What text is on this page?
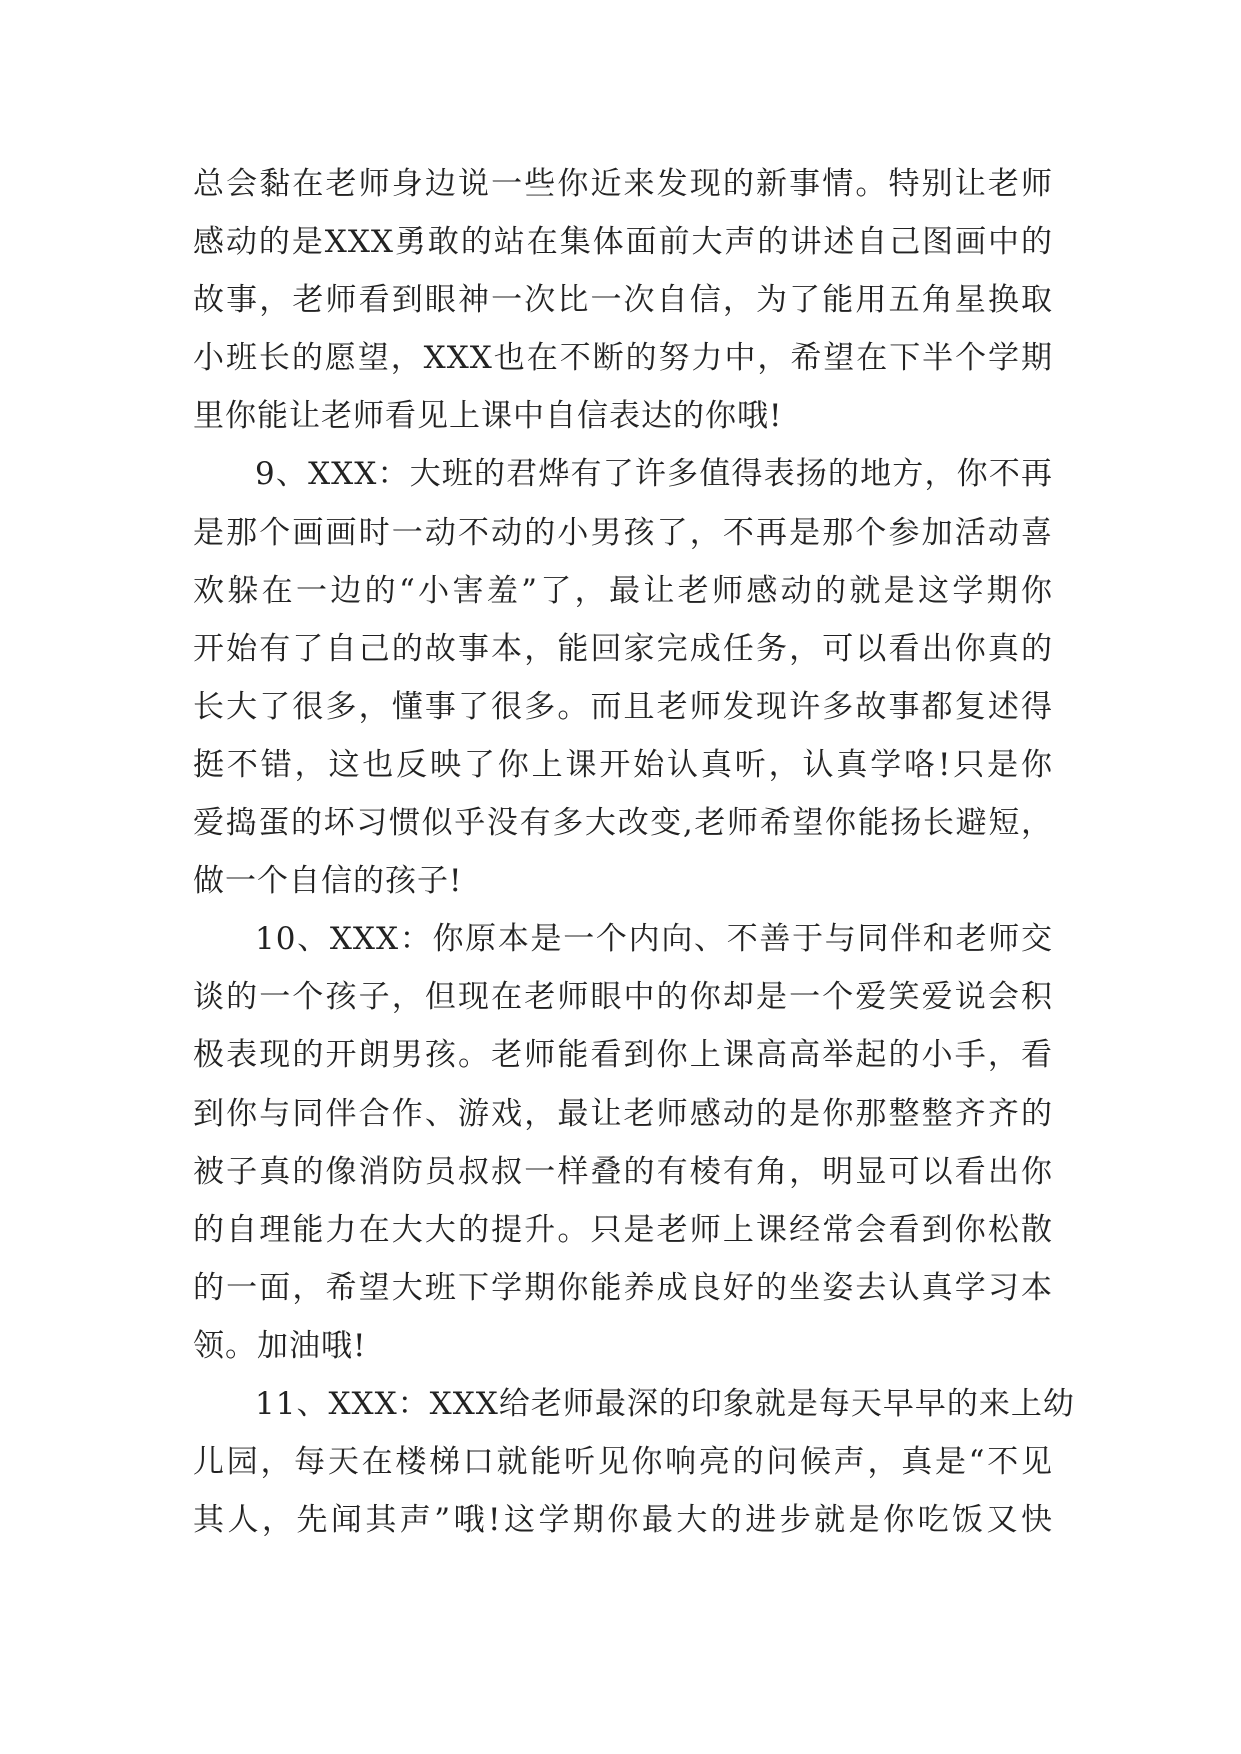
总会黏在老师身边说一些你近来发现的新事情。特别让老师
感动的是XXX勇敢的站在集体面前大声的讲述自己图画中的
故事，老师看到眼神一次比一次自信，为了能用五角星换取
小班长的愿望，XXX也在不断的努力中，希望在下半个学期
里你能让老师看见上课中自信表达的你哦!
9、XXX：大班的君烨有了许多值得表扬的地方，你不再
是那个画画时一动不动的小男孩了，不再是那个参加活动喜
欢躲在一边的“小害羞”了，最让老师感动的就是这学期你
开始有了自己的故事本，能回家完成任务，可以看出你真的
长大了很多，懂事了很多。而且老师发现许多故事都复述得
挺不错，这也反映了你上课开始认真听，认真学咯!只是你
爱捣蛋的坏习惯似乎没有多大改变,老师希望你能扬长避短，
做一个自信的孩子!
10、XXX：你原本是一个内向、不善于与同伴和老师交
谈的一个孩子，但现在老师眼中的你却是一个爱笑爱说会积
极表现的开朗男孩。老师能看到你上课高高举起的小手，看
到你与同伴合作、游戏，最让老师感动的是你那整整齐齐的
被子真的像消防员叔叔一样叠的有棱有角，明显可以看出你
的自理能力在大大的提升。只是老师上课经常会看到你松散
的一面，希望大班下学期你能养成良好的坐姿去认真学习本
领。加油哦!
11、XXX：XXX给老师最深的印象就是每天早早的来上幼
儿园，每天在楼梯口就能听见你响亮的问候声，真是“不见
其人，先闻其声”哦!这学期你最大的进步就是你吃饭又快
